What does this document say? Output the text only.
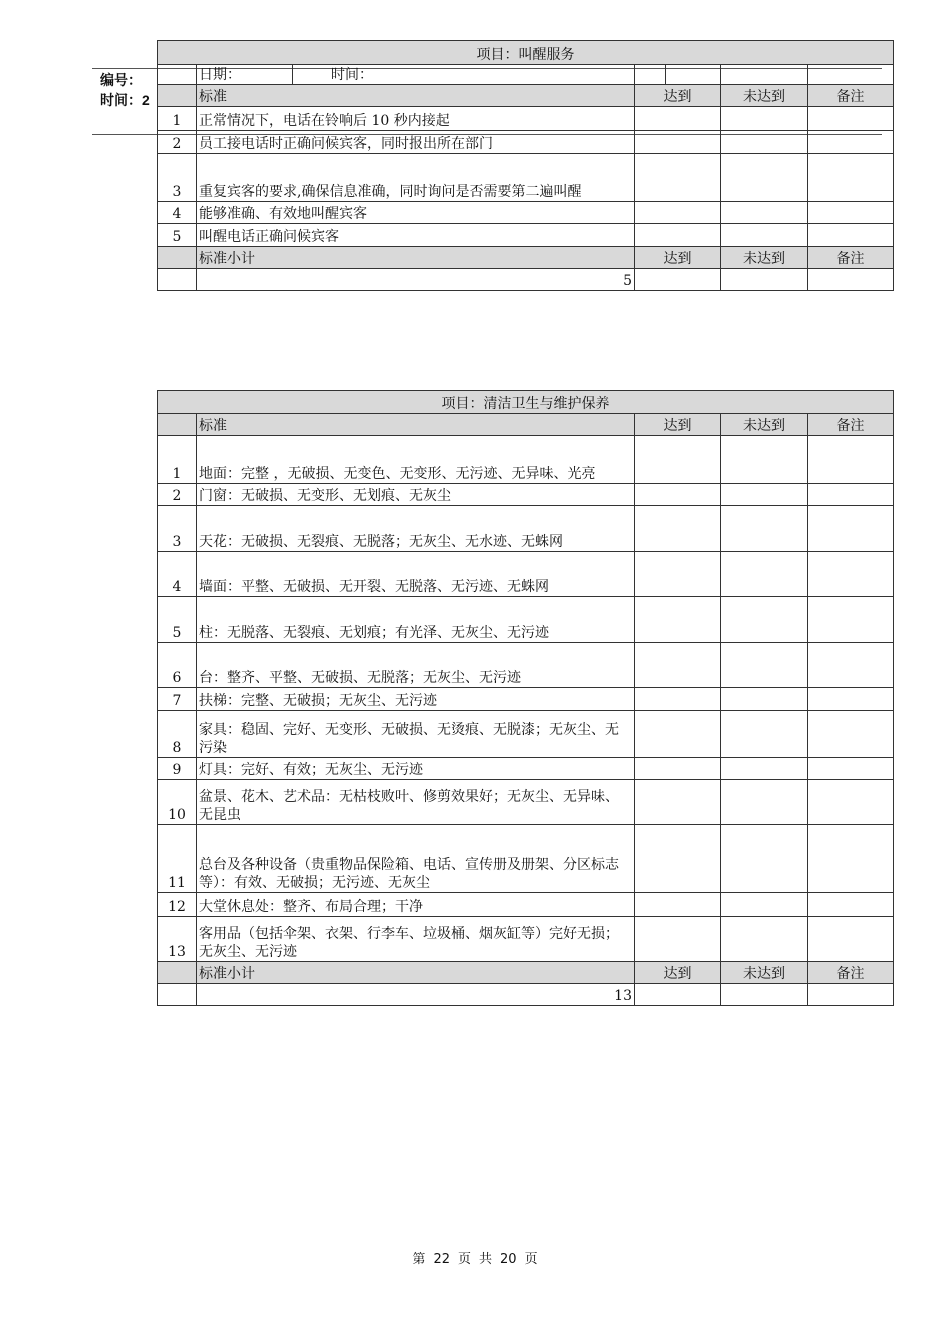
编号：
时间：2
项目：叫醒服务						
	日期：	时间：				
	标准		达到		未达到	备注
1	正常情况下，电话在铃响后 10 秒内接起					
2	员工接电话时正确问候宾客，同时报出所在部门					
3	重复宾客的要求,确保信息准确，同时询问是否需要第二遍叫醒					
4	能够准确、有效地叫醒宾客					
5	叫醒电话正确问候宾客					
	标准小计		达到		未达到	备注
	5					
项目：清洁卫生与维护保养				
	标准	达到	未达到	备注
1	地面：完整 ，无破损、无变色、无变形、无污迹、无异味、光亮			
2	门窗：无破损、无变形、无划痕、无灰尘			
3	天花：无破损、无裂痕、无脱落；无灰尘、无水迹、无蛛网			
4	墙面：平整、无破损、无开裂、无脱落、无污迹、无蛛网			
5	柱：无脱落、无裂痕、无划痕；有光泽、无灰尘、无污迹			
6	台：整齐、平整、无破损、无脱落；无灰尘、无污迹			
7	扶梯：完整、无破损；无灰尘、无污迹			
8	家具：稳固、完好、无变形、无破损、无烫痕、无脱漆；无灰尘、无污染			
9	灯具：完好、有效；无灰尘、无污迹			
10	盆景、花木、艺术品：无枯枝败叶、修剪效果好；无灰尘、无异味、无昆虫			
11	总台及各种设备（贵重物品保险箱、电话、宣传册及册架、分区标志等）：有效、无破损；无污迹、无灰尘			
12	大堂休息处：整齐、布局合理；干净			
13	客用品（包括伞架、衣架、行李车、垃圾桶、烟灰缸等）完好无损；无灰尘、无污迹			
	标准小计	达到	未达到	备注
	13			
第 22 页 共 20 页
